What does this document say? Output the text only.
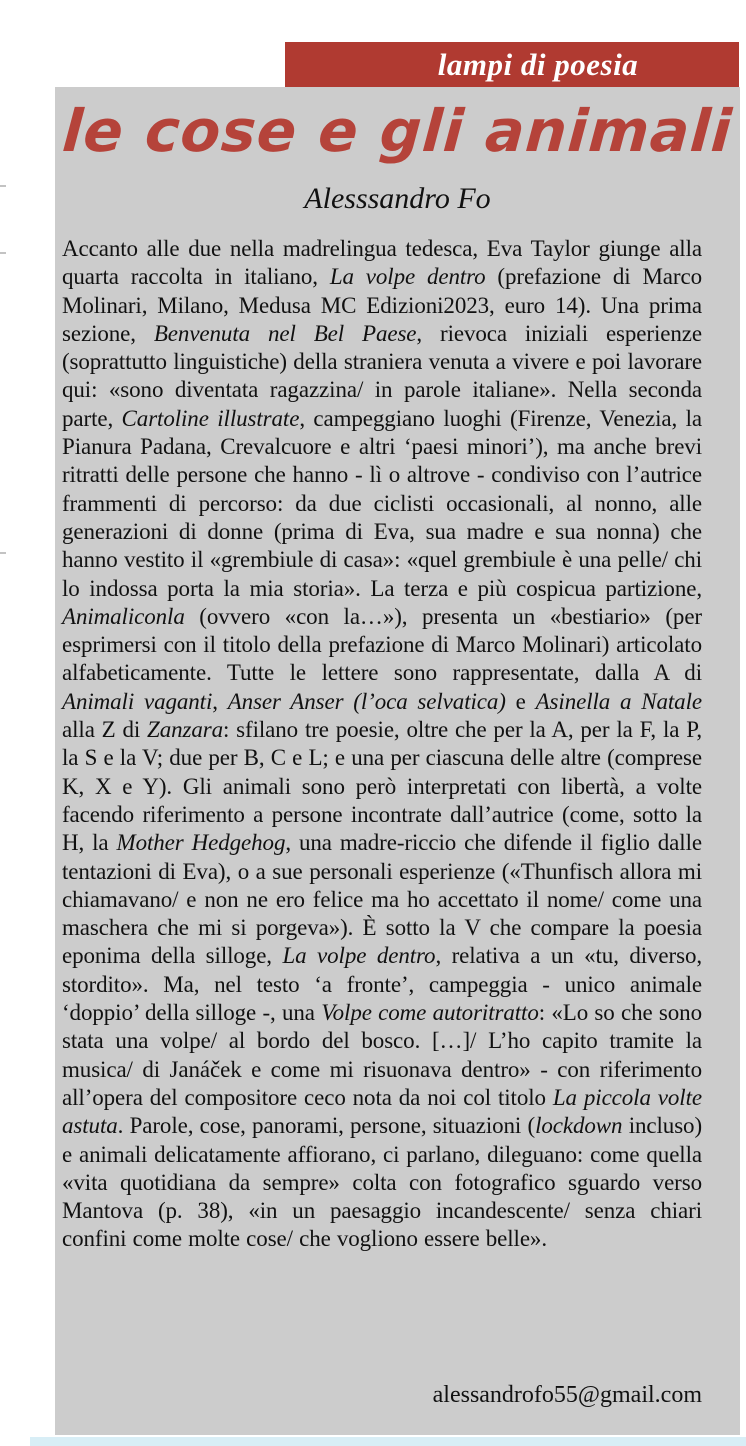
lampi di poesia
le cose e gli animali
Alesssandro Fo
Accanto alle due nella madrelingua tedesca, Eva Taylor giunge alla quarta raccolta in italiano, La volpe dentro (prefazione di Marco Molinari, Milano, Medusa MC Edizioni2023, euro 14). Una prima sezione, Benvenuta nel Bel Paese, rievoca iniziali esperienze (soprattutto linguistiche) della straniera venuta a vivere e poi lavorare qui: «sono diventata ragazzina/ in parole italiane». Nella seconda parte, Cartoline illustrate, campeggiano luoghi (Firenze, Venezia, la Pianura Padana, Crevalcuore e altri ‘paesi minori’), ma anche brevi ritratti delle persone che hanno - lì o altrove - condiviso con l’autrice frammenti di percorso: da due ciclisti occasionali, al nonno, alle generazioni di donne (prima di Eva, sua madre e sua nonna) che hanno vestito il «grembiule di casa»: «quel grembiule è una pelle/ chi lo indossa porta la mia storia». La terza e più cospicua partizione, Animaliconla (ovvero «con la…»), presenta un «bestiario» (per esprimersi con il titolo della prefazione di Marco Molinari) articolato alfabeticamente. Tutte le lettere sono rappresentate, dalla A di Animali vaganti, Anser Anser (l’oca selvatica) e Asinella a Natale alla Z di Zanzara: sfilano tre poesie, oltre che per la A, per la F, la P, la S e la V; due per B, C e L; e una per ciascuna delle altre (comprese K, X e Y). Gli animali sono però interpretati con libertà, a volte facendo riferimento a persone incontrate dall’autrice (come, sotto la H, la Mother Hedgehog, una madre-riccio che difende il figlio dalle tentazioni di Eva), o a sue personali esperienze («Thunfisch allora mi chiamavano/ e non ne ero felice ma ho accettato il nome/ come una maschera che mi si porgeva»). È sotto la V che compare la poesia eponima della silloge, La volpe dentro, relativa a un «tu, diverso, stordito». Ma, nel testo ‘a fronte’, campeggia - unico animale ‘doppio’ della silloge -, una Volpe come autoritratto: «Lo so che sono stata una volpe/ al bordo del bosco. […]/ L’ho capito tramite la musica/ di Janáček e come mi risuonava dentro» - con riferimento all’opera del compositore ceco nota da noi col titolo La piccola volte astuta. Parole, cose, panorami, persone, situazioni (lockdown incluso) e animali delicatamente affiorano, ci parlano, dileguano: come quella «vita quotidiana da sempre» colta con fotografico sguardo verso Mantova (p. 38), «in un paesaggio incandescente/ senza chiari confini come molte cose/ che vogliono essere belle».
alessandrofo55@gmail.com
